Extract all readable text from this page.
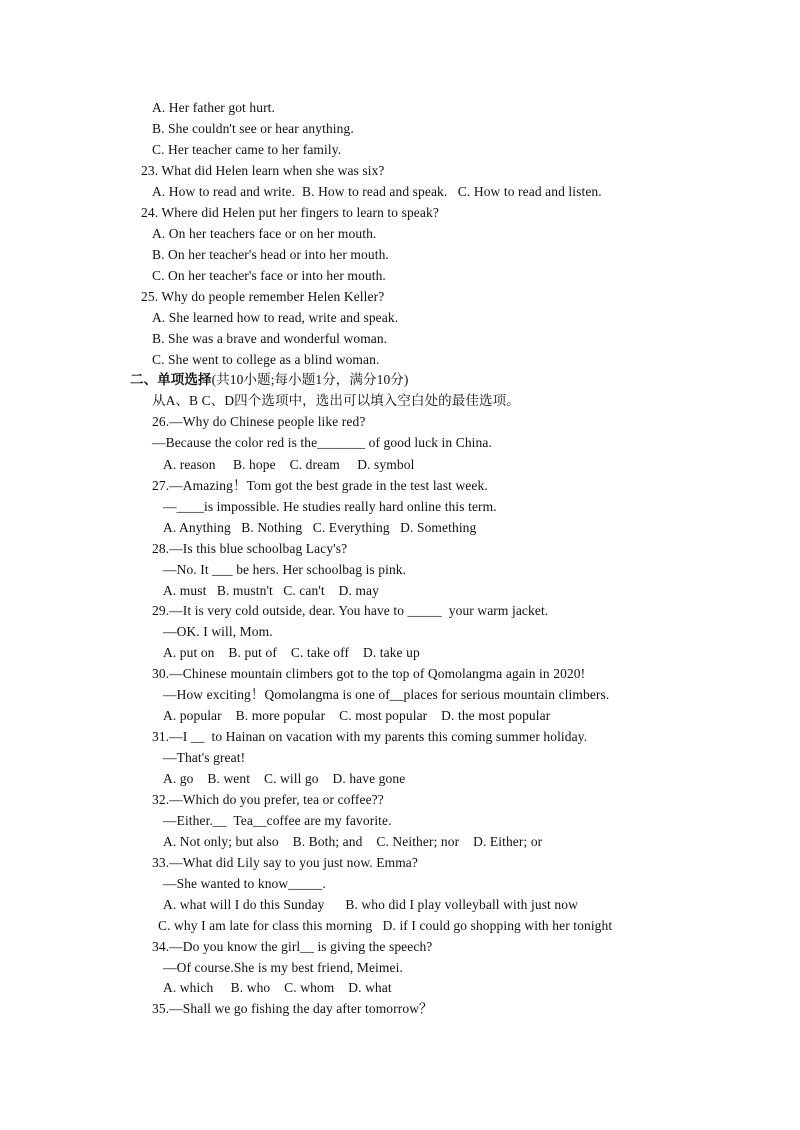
A. Her father got hurt.
B. She couldn't see or hear anything.
C. Her teacher came to her family.
23. What did Helen learn when she was six?
A. How to read and write.  B. How to read and speak.   C. How to read and listen.
24. Where did Helen put her fingers to learn to speak?
A. On her teachers face or on her mouth.
B. On her teacher's head or into her mouth.
C. On her teacher's face or into her mouth.
25. Why do people remember Helen Keller?
A. She learned how to read, write and speak.
B. She was a brave and wonderful woman.
C. She went to college as a blind woman.
二、单项选择(共10小题;每小题1分，满分10分)
从A、B C、D四个选项中，选出可以填入空白处的最佳选项。
26.—Why do Chinese people like red?
—Because the color red is the_______ of good luck in China.
A. reason     B. hope    C. dream     D. symbol
27.—Amazing！Tom got the best grade in the test last week.
—____is impossible. He studies really hard online this term.
A. Anything   B. Nothing   C. Everything   D. Something
28.—Is this blue schoolbag Lacy's?
—No. It ___ be hers. Her schoolbag is pink.
A. must   B. mustn't   C. can't    D. may
29.—It is very cold outside, dear. You have to _____  your warm jacket.
—OK. I will, Mom.
A. put on    B. put of    C. take off    D. take up
30.—Chinese mountain climbers got to the top of Qomolangma again in 2020!
—How exciting！Qomolangma is one of__places for serious mountain climbers.
A. popular    B. more popular    C. most popular    D. the most popular
31.—I __  to Hainan on vacation with my parents this coming summer holiday.
—That's great!
A. go    B. went    C. will go    D. have gone
32.—Which do you prefer, tea or coffee??
—Either.__  Tea__coffee are my favorite.
A. Not only; but also    B. Both; and    C. Neither; nor    D. Either; or
33.—What did Lily say to you just now. Emma?
—She wanted to know_____.
A. what will I do this Sunday      B. who did I play volleyball with just now
C. why I am late for class this morning   D. if I could go shopping with her tonight
34.—Do you know the girl__ is giving the speech?
—Of course.She is my best friend, Meimei.
A. which     B. who    C. whom    D. what
35.—Shall we go fishing the day after tomorrow？
